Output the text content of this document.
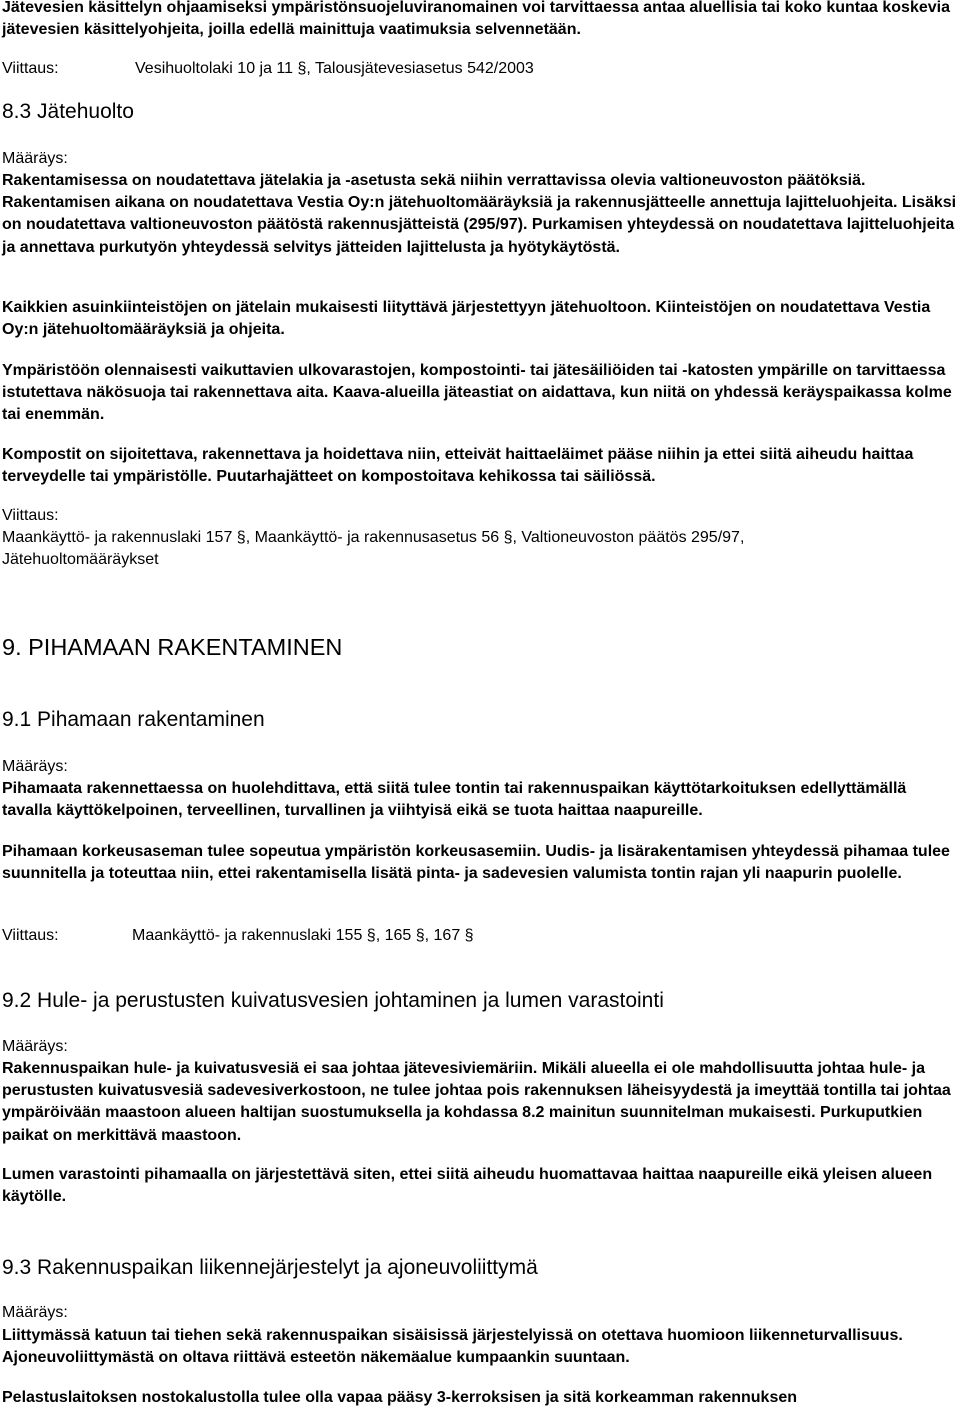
Jätevesien käsittelyn ohjaamiseksi ympäristönsuojeluviranomainen voi tarvittaessa antaa aluellisia tai koko kuntaa koskevia jätevesien käsittelyohjeita, joilla edellä mainittuja vaatimuksia selvennetään.

Viittaus:	Vesihuoltolaki 10 ja 11 §, Talousjätevesiasetus 542/2003
8.3 Jätehuolto
Määräys:

Rakentamisessa on noudatettava jätelakia ja -asetusta sekä niihin verrattavissa olevia valtioneuvoston päätöksiä. Rakentamisen aikana on noudatettava Vestia Oy:n jätehuoltomääräyksiä ja rakennusjätteelle annettuja lajitteluohjeita. Lisäksi on noudatettava valtioneuvoston päätöstä rakennusjätteistä (295/97). Purkamisen yhteydessä on noudatettava lajitteluohjeita ja annettava purkutyön yhteydessä selvitys jätteiden lajittelusta ja hyötykäytöstä.

Kaikkien asuinkiinteistöjen on jätelain mukaisesti liityttävä järjestettyyn jätehuoltoon. Kiinteistöjen on noudatettava Vestia Oy:n jätehuoltomääräyksiä ja ohjeita.

Ympäristöön olennaisesti vaikuttavien ulkovarastojen, kompostointi- tai jätesäiliöiden tai -katosten ympärille on tarvittaessa istutettava näkösuoja tai rakennettava aita. Kaava-alueilla jäteastiat on aidattava, kun niitä on yhdessä keräyspaikassa kolme tai enemmän.

Kompostit on sijoitettava, rakennettava ja hoidettava niin, etteivät haittaeläimet pääse niihin ja ettei siitä aiheudu haittaa terveydelle tai ympäristölle. Puutarhajätteet on kompostoitava kehikossa tai säiliössä.

Viittaus:
Maankäyttö- ja rakennuslaki 157 §, Maankäyttö- ja rakennusasetus 56 §, Valtioneuvoston päätös 295/97, Jätehuoltomääräykset
9. PIHAMAAN RAKENTAMINEN
9.1 Pihamaan rakentaminen
Määräys:

Pihamaata rakennettaessa on huolehdittava, että siitä tulee tontin tai rakennuspaikan käyttötarkoituksen edellyttämällä tavalla käyttökelpoinen, terveellinen, turvallinen ja viihtyisä eikä se tuota haittaa naapureille.

Pihamaan korkeusaseman tulee sopeutua ympäristön korkeusasemiin. Uudis- ja lisärakentamisen yhteydessä pihamaa tulee suunnitella ja toteuttaa niin, ettei rakentamisella lisätä pinta- ja sadevesien valumista tontin rajan yli naapurin puolelle.

Viittaus:	Maankäyttö- ja rakennuslaki 155 §, 165 §, 167 §
9.2 Hule- ja perustusten kuivatusvesien johtaminen ja lumen varastointi
Määräys:

Rakennuspaikan hule- ja kuivatusvesiä ei saa johtaa jätevesiviemäriin. Mikäli alueella ei ole mahdollisuutta johtaa hule- ja perustusten kuivatusvesiä sadevesiverkostoon, ne tulee johtaa pois rakennuksen läheisyydestä ja imeyttää tontilla tai johtaa ympäröivään maastoon alueen haltijan suostumuksella ja kohdassa 8.2 mainitun suunnitelman mukaisesti. Purkuputkien paikat on merkittävä maastoon.

Lumen varastointi pihamaalla on järjestettävä siten, ettei siitä aiheudu huomattavaa haittaa naapureille eikä yleisen alueen käytölle.

9.3 Rakennuspaikan liikennejärjestelyt ja ajoneuvoliittymä
Määräys:

Liittymässä katuun tai tiehen sekä rakennuspaikan sisäisissä järjestelyissä on otettava huomioon liikenneturvallisuus. Ajoneuvoliittymästä on oltava riittävä esteetön näkemäalue kumpaankin suuntaan.

Pelastuslaitoksen nostokalustolla tulee olla vapaa pääsy 3-kerroksisen ja sitä korkeamman rakennuksen
